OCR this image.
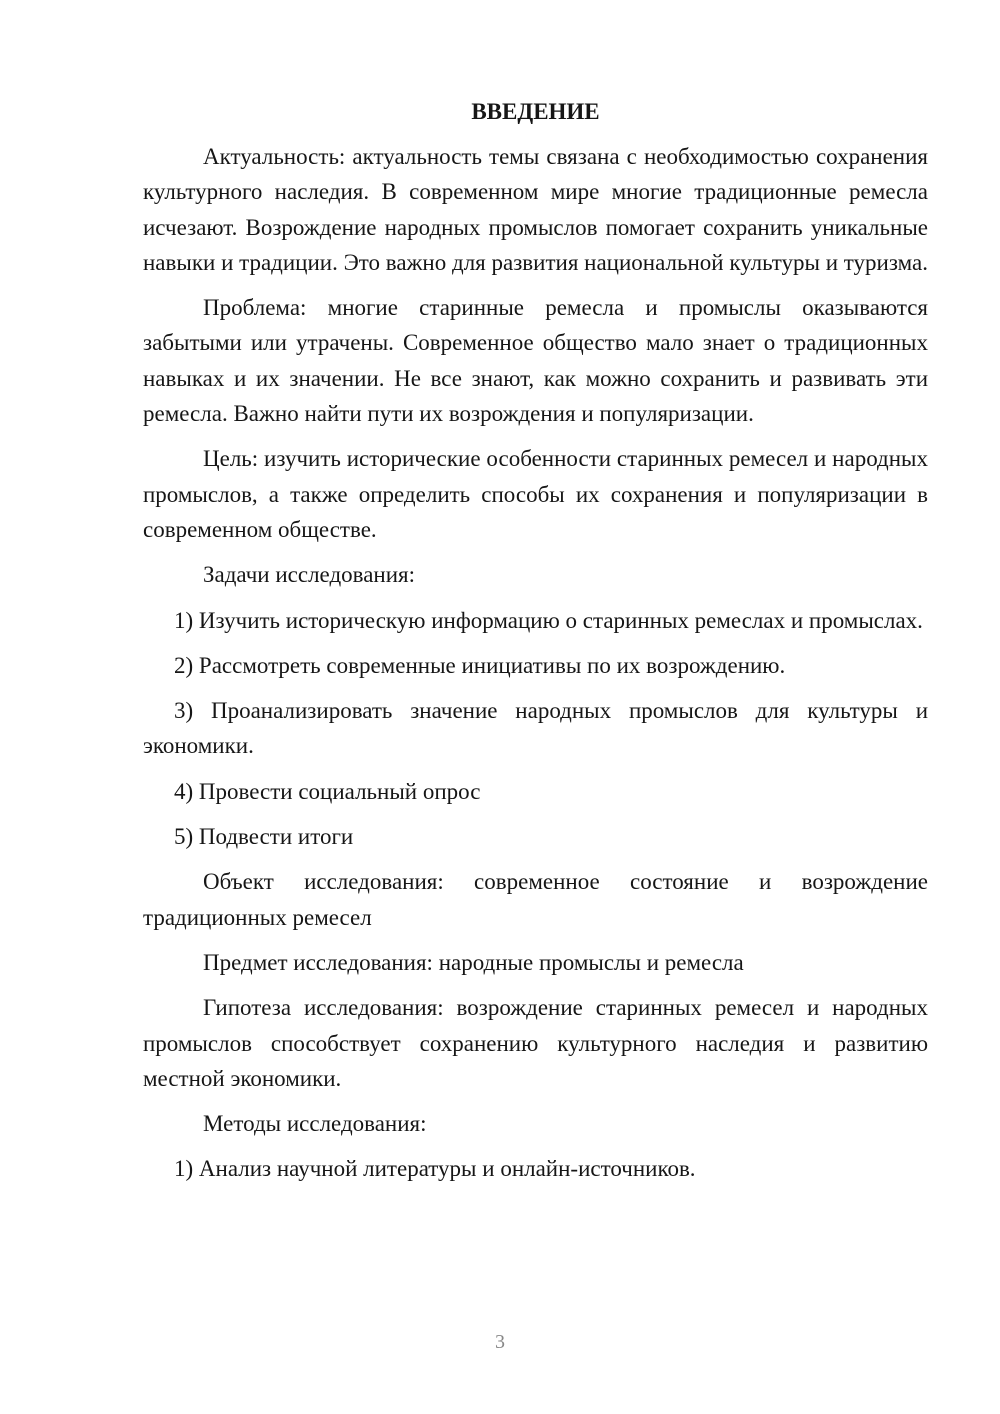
ВВЕДЕНИЕ
Актуальность: актуальность темы связана с необходимостью сохранения культурного наследия. В современном мире многие традиционные ремесла исчезают. Возрождение народных промыслов помогает сохранить уникальные навыки и традиции. Это важно для развития национальной культуры и туризма.
Проблема: многие старинные ремесла и промыслы оказываются забытыми или утрачены. Современное общество мало знает о традиционных навыках и их значении. Не все знают, как можно сохранить и развивать эти ремесла. Важно найти пути их возрождения и популяризации.
Цель: изучить исторические особенности старинных ремесел и народных промыслов, а также определить способы их сохранения и популяризации в современном обществе.
Задачи исследования:
1) Изучить историческую информацию о старинных ремеслах и промыслах.
2) Рассмотреть современные инициативы по их возрождению.
3) Проанализировать значение народных промыслов для культуры и экономики.
4) Провести социальный опрос
5) Подвести итоги
Объект исследования: современное состояние и возрождение традиционных ремесел
Предмет исследования: народные промыслы и ремесла
Гипотеза исследования: возрождение старинных ремесел и народных промыслов способствует сохранению культурного наследия и развитию местной экономики.
Методы исследования:
1) Анализ научной литературы и онлайн-источников.
3
